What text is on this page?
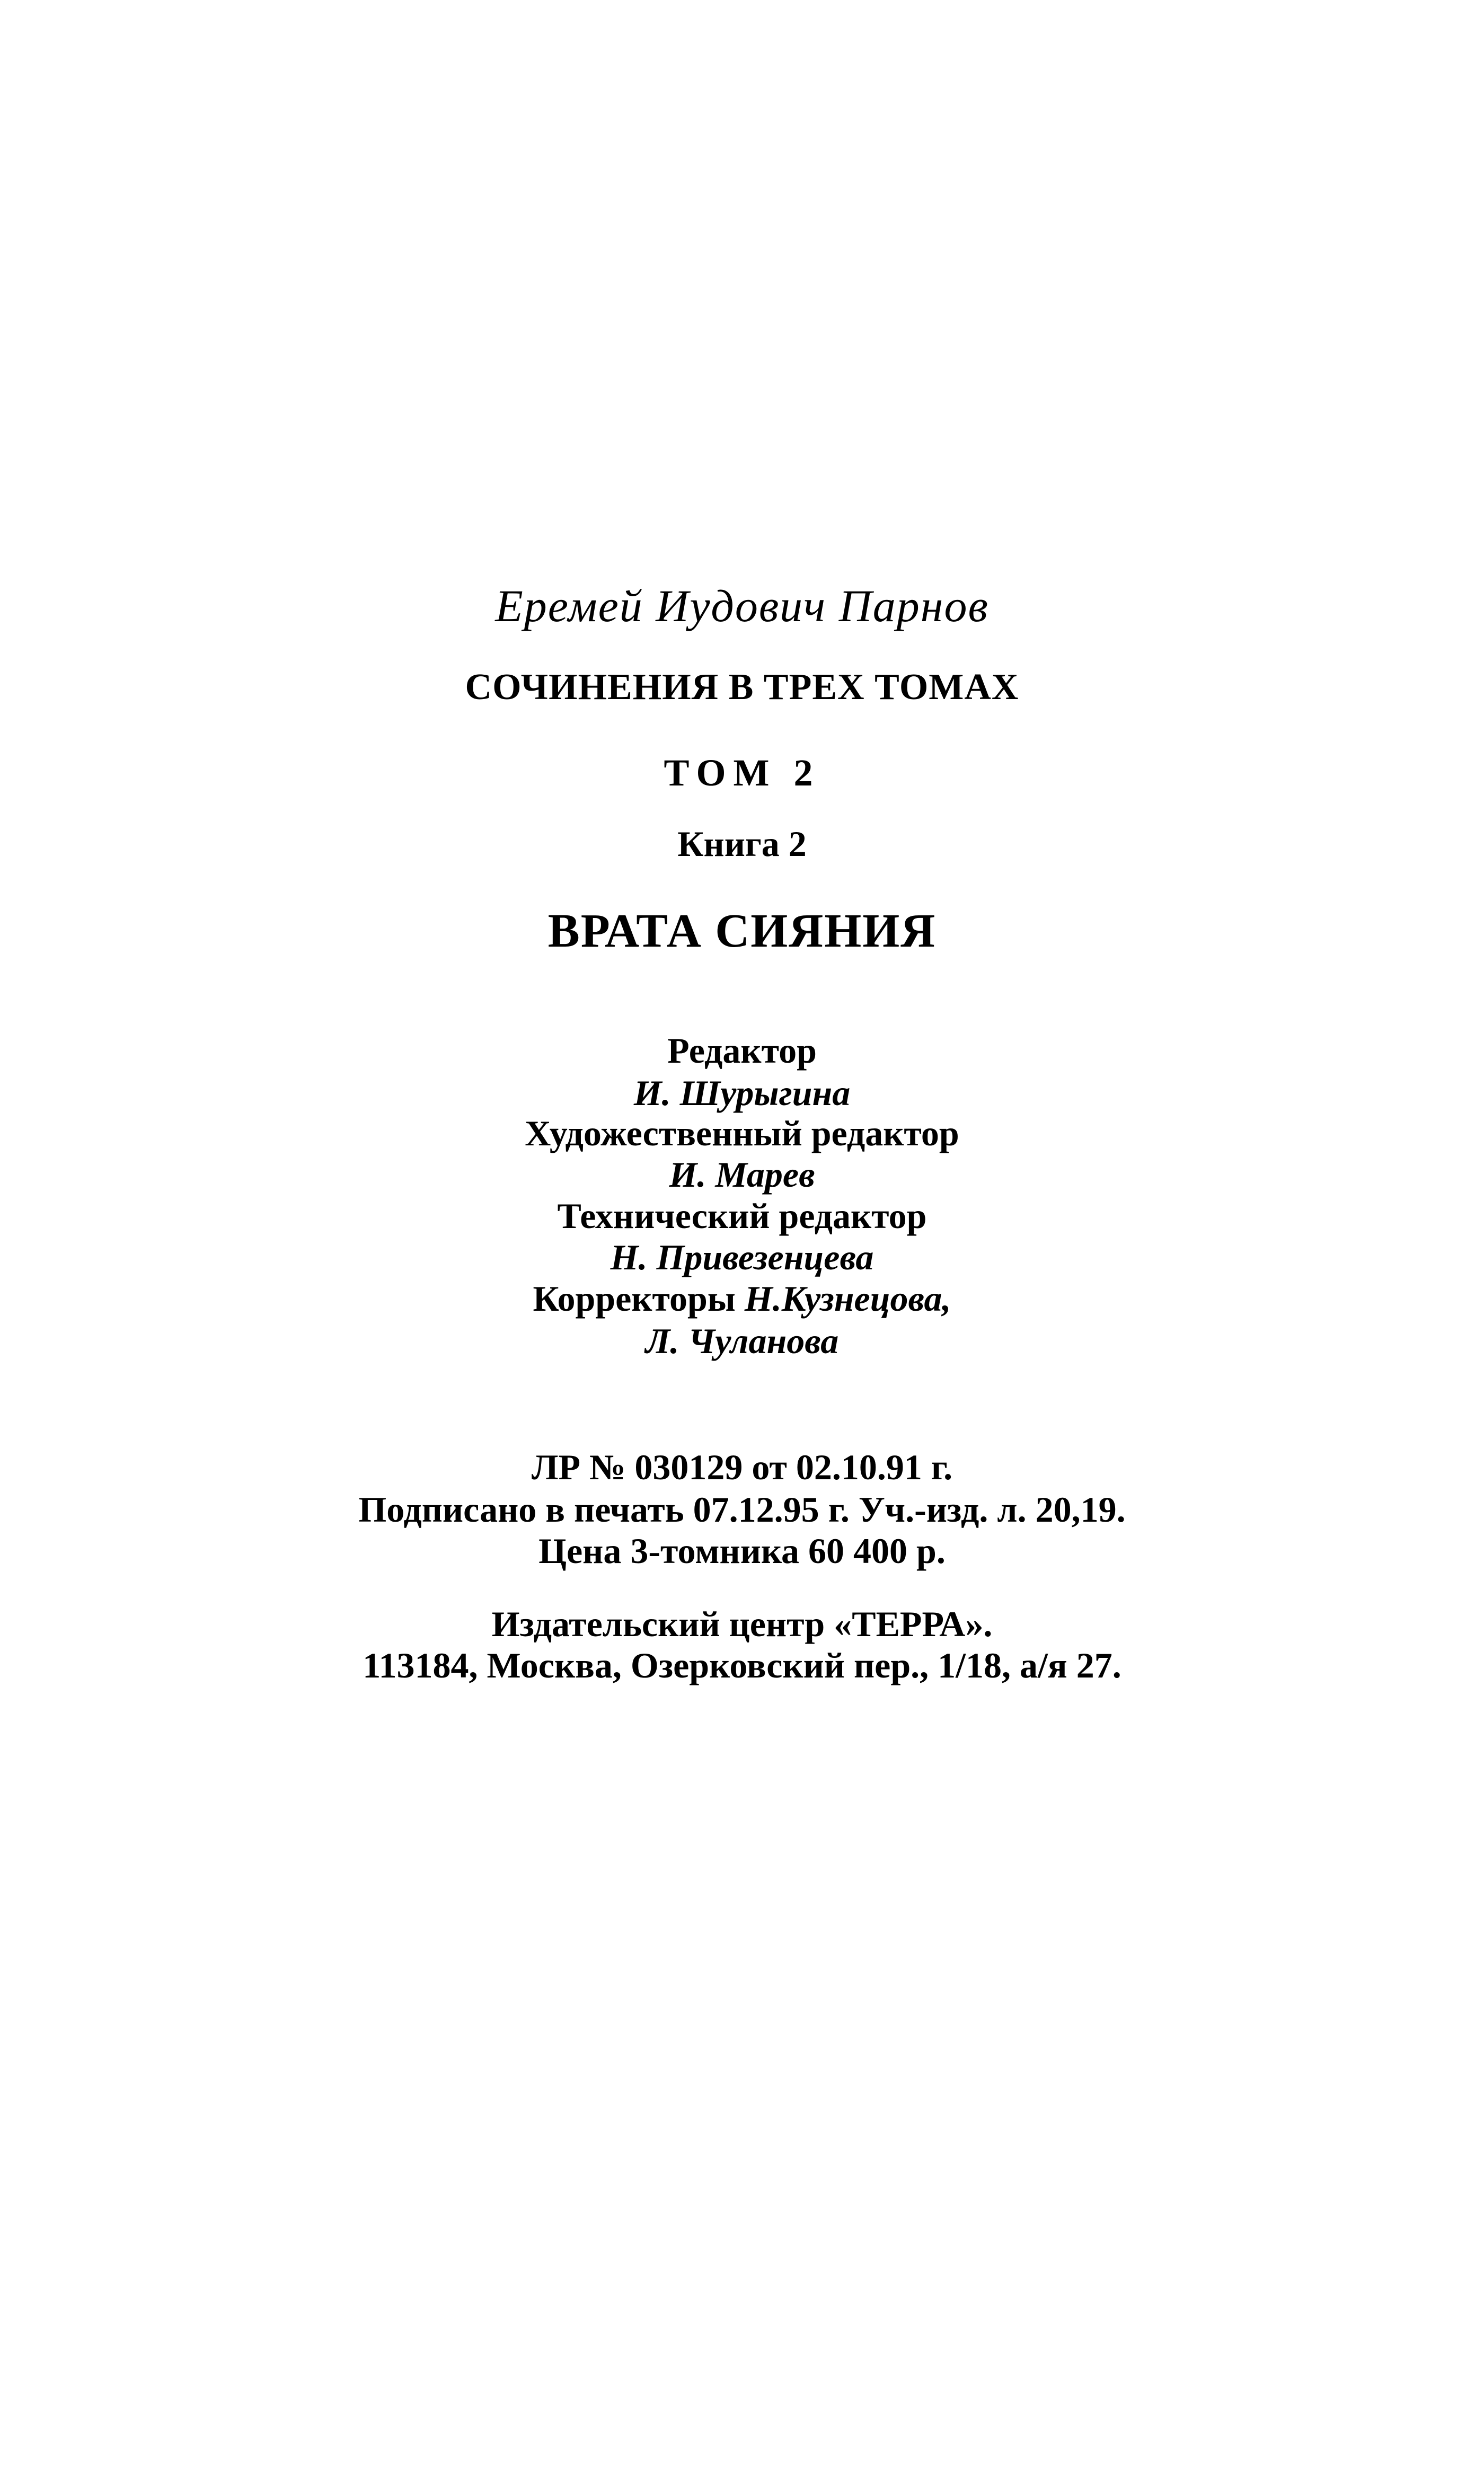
Еремей Иудович Парнов
СОЧИНЕНИЯ В ТРЕХ ТОМАХ
ТОМ 2
Книга 2
ВРАТА СИЯНИЯ
Редактор
И. Шурыгина
Художественный редактор
И. Марев
Технический редактор
Н. Привезенцева
Корректоры Н.Кузнецова,
Л. Чуланова
ЛР № 030129 от 02.10.91 г.
Подписано в печать 07.12.95 г. Уч.-изд. л. 20,19.
Цена 3-томника 60 400 р.
Издательский центр «ТЕРРА».
113184, Москва, Озерковский пер., 1/18, а/я 27.
